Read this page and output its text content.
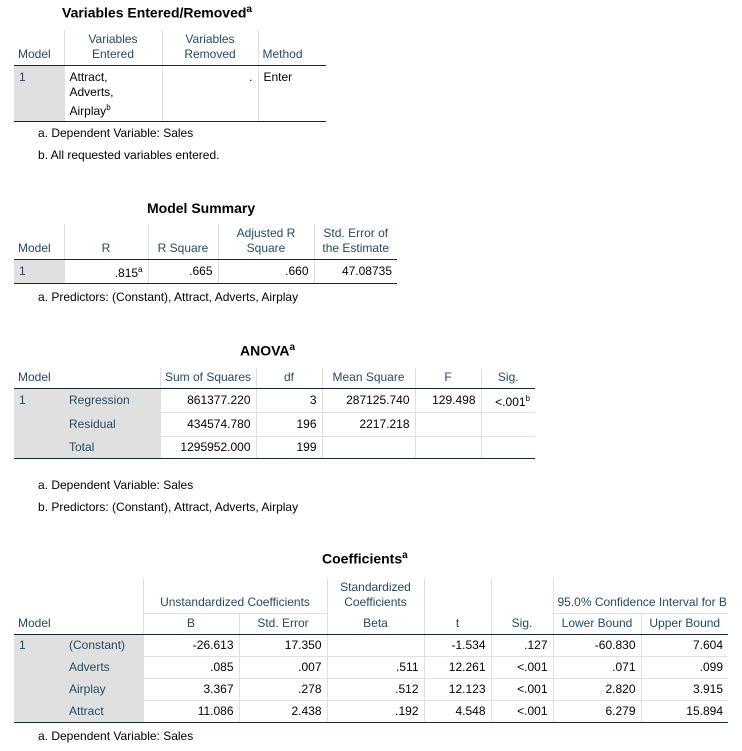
Variables Entered/Removed$^a$
Model	Variables Entered	Variables Removed	Method
1	Attract,
Adverts,
Airplay$^b$	.	Enter
a. Dependent Variable: Sales
b. All requested variables entered.
Model Summary
Model	R	R Square	Adjusted R Square	Std. Error of the Estimate
1	.815$^a$	.665	.660	47.08735
a. Predictors: (Constant), Attract, Adverts, Airplay
ANOVA$^a$
Model		Sum of Squares	df	Mean Square	F	Sig.
1	Regression	861377.220	3	287125.740	129.498	<.001$^b$
	Residual	434574.780	196	2217.218		
	Total	1295952.000	199			
a. Dependent Variable: Sales
b. Predictors: (Constant), Attract, Adverts, Airplay
Coefficients$^a$
		Unstandardized Coefficients		Standardized Coefficients			95.0% Confidence Interval for B	
Model		B	Std. Error	Beta	t	Sig.	Lower Bound	Upper Bound
1	(Constant)	-26.613	17.350		-1.534	.127	-60.830	7.604
	Adverts	.085	.007	.511	12.261	<.001	.071	.099
	Airplay	3.367	.278	.512	12.123	<.001	2.820	3.915
	Attract	11.086	2.438	.192	4.548	<.001	6.279	15.894
a. Dependent Variable: Sales
